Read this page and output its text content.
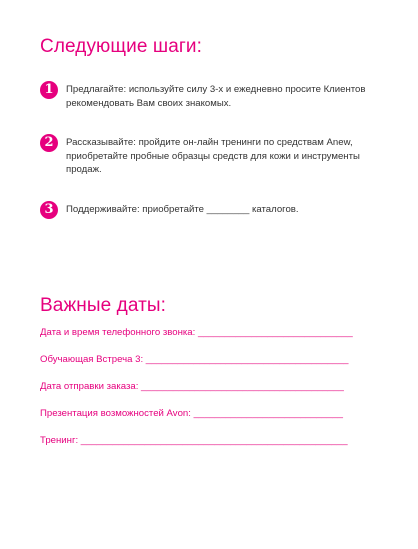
Следующие шаги:
1	Предлагайте: используйте силу 3-х и ежедневно просите Клиентов рекомендовать Вам своих знакомых.
2	Рассказывайте: пройдите он-лайн тренинги по средствам Anew, приобретайте пробные образцы средств для кожи и инструменты продаж.
3	Поддерживайте: приобретайте ________ каталогов.
Важные даты:
Дата и время телефонного звонка: _____________________________
Обучающая Встреча 3: ______________________________________
Дата отправки заказа: ______________________________________
Презентация возможностей Avon: ____________________________
Тренинг: __________________________________________________
